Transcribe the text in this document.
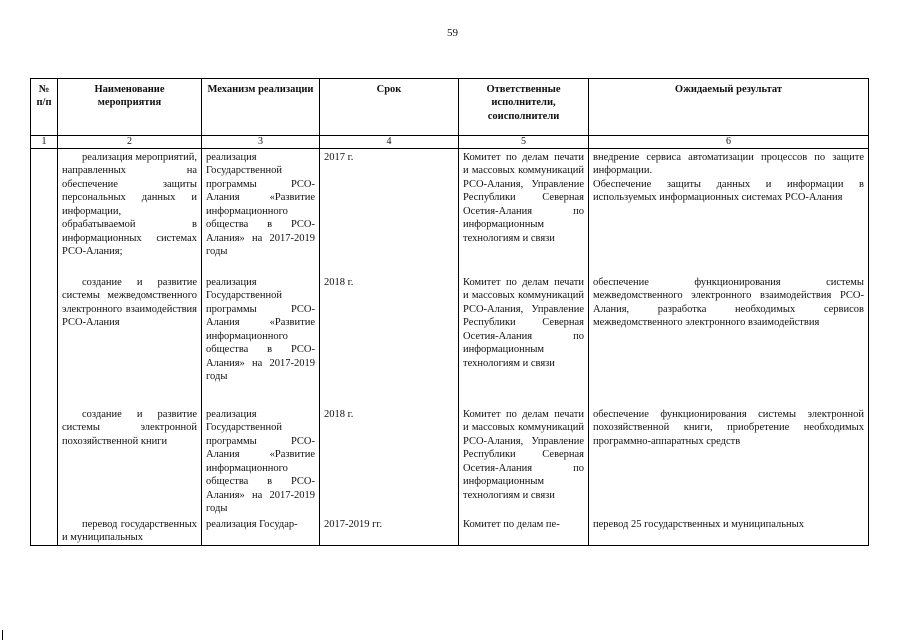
59
№ п/п	Наименование мероприятия	Механизм реализации	Срок	Ответственные исполнители, соисполнители	Ожидаемый результат
1	2	3	4	5	6
	реализация мероприятий, направленных на обеспечение защиты персональных данных и информации, обрабатываемой в информационных системах РСО-Алания;	реализация Государственной программы РСО-Алания «Развитие информационного общества в РСО-Алания» на 2017-2019 годы	2017 г.	Комитет по делам печати и массовых коммуникаций РСО-Алания, Управление Республики Северная Осетия-Алания по информационным технологиям и связи	внедрение сервиса автоматизации процессов по защите информации.
Обеспечение защиты данных и информации в используемых информационных системах РСО-Алания

	создание и развитие системы межведомственного электронного взаимодействия РСО-Алания	реализация Государственной программы РСО-Алания «Развитие информационного общества в РСО-Алания» на 2017-2019 годы	2018 г.	Комитет по делам печати и массовых коммуникаций РСО-Алания, Управление Республики Северная Осетия-Алания по информационным технологиям и связи	обеспечение функционирования системы межведомственного электронного взаимодействия РСО-Алания, разработка необходимых сервисов межведомственного электронного взаимодействия
	создание и развитие системы электронной похозяйственной книги	реализация Государственной программы РСО-Алания «Развитие информационного общества в РСО-Алания» на 2017-2019 годы	2018 г.	Комитет по делам печати и массовых коммуникаций РСО-Алания, Управление Республики Северная Осетия-Алания по информационным технологиям и связи	обеспечение функционирования системы электронной похозяйственной книги, приобретение необходимых программно-аппаратных средств
	перевод государственных и муниципальных	реализация Государ-	2017-2019 гг.	Комитет по делам пе-	перевод 25 государственных и муниципальных
